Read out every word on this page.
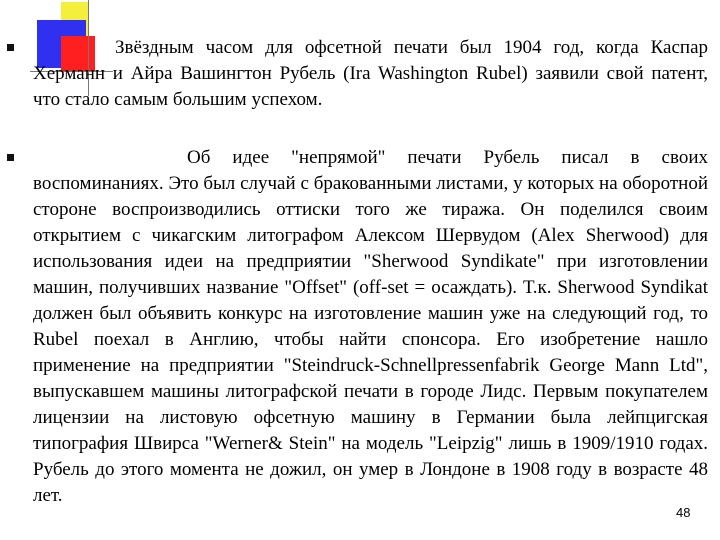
Звёздным часом для офсетной печати был 1904 год, когда Каспар Херманн и Айра Вашингтон Рубель (Ira Washington Rubel) заявили свой патент, что стало самым большим успехом.

Об идее "непрямой" печати Рубель писал в своих воспоминаниях. Это был случай с бракованными листами, у которых на оборотной стороне воспроизводились оттиски того же тиража. Он поделился своим открытием с чикагским литографом Алексом Шервудом (Alex Sherwood) для использования идеи на предприятии "Sherwood Syndikate" при изготовлении машин, получивших название "Offset" (off-set = осаждать). Т.к. Sherwood Syndikat должен был объявить конкурс на изготовление машин уже на следующий год, то Rubel поехал в Англию, чтобы найти спонсора. Его изобретение нашло применение на предприятии "Steindruck-Schnellpressenfabrik George Mann Ltd", выпускавшем машины литографской печати в городе Лидс. Первым покупателем лицензии на листовую офсетную машину в Германии была лейпцигская типография Швирса "Werner& Stein" на модель "Leipzig" лишь в 1909/1910 годах. Рубель до этого момента не дожил, он умер в Лондоне в 1908 году в возрасте 48 лет.

48
